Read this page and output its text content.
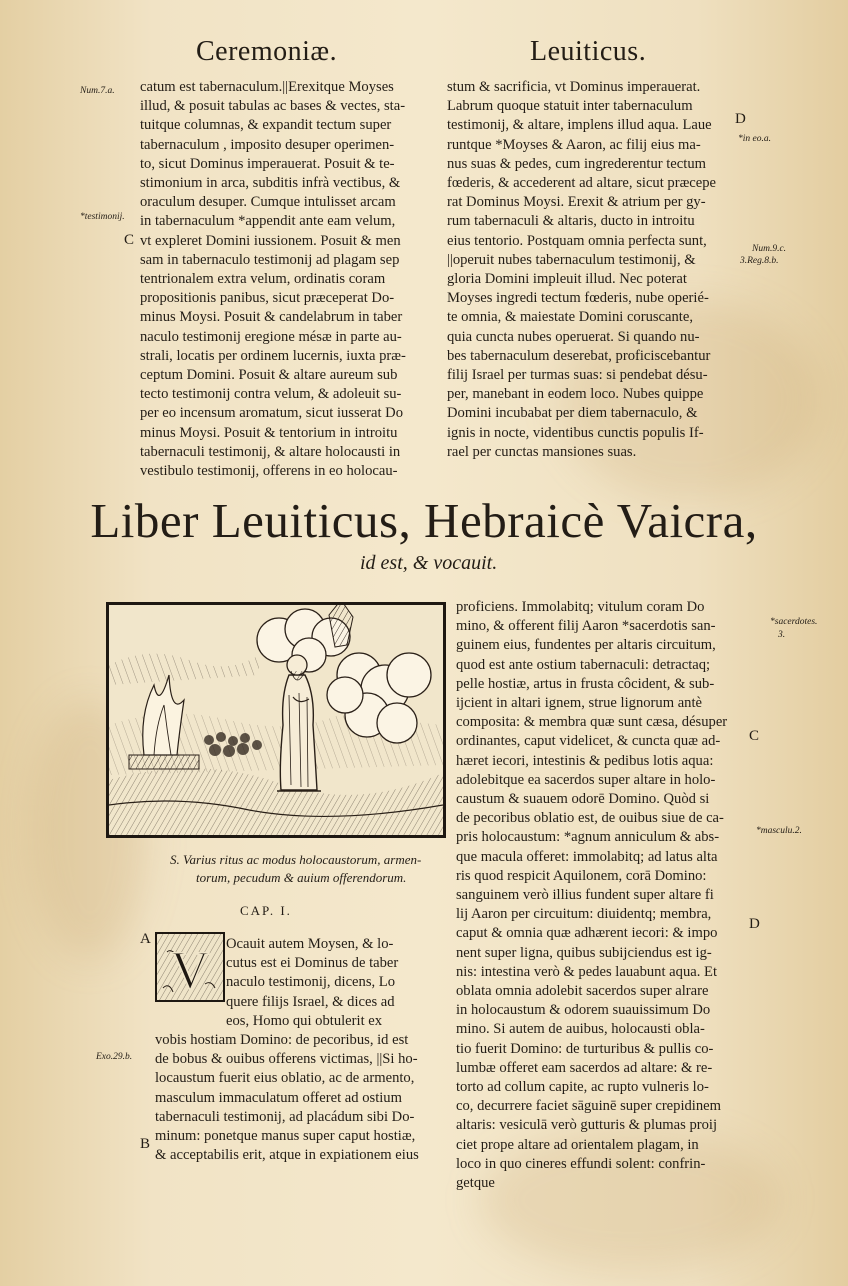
Ceremoniæ.	Leuiticus.
catum est tabernaculum.||Erexitque Moyses
illud, & posuit tabulas ac bases & vectes, sta-
tuitque columnas, & expandit tectum super
tabernaculum , imposito desuper operimen-
to, sicut Dominus imperauerat. Posuit & te-
stimonium in arca, subditis infrà vectibus, &
oraculum desuper. Cumque intulisset arcam
in tabernaculum *appendit ante eam velum,
vt expleret Domini iussionem. Posuit & men
sam in tabernaculo testimonij ad plagam sep
tentrionalem extra velum, ordinatis coram
propositionis panibus, sicut præceperat Do-
minus Moysi. Posuit & candelabrum in taber
naculo testimonij eregione mésæ in parte au-
strali, locatis per ordinem lucernis, iuxta præ-
ceptum Domini. Posuit & altare aureum sub
tecto testimonij contra velum, & adoleuit su-
per eo incensum aromatum, sicut iusserat Do
minus Moysi. Posuit & tentorium in introitu
tabernaculi testimonij, & altare holocausti in
vestibulo testimonij, offerens in eo holocau-
stum & sacrificia, vt Dominus imperauerat.
Labrum quoque statuit inter tabernaculum
testimonij, & altare, implens illud aqua. Laue
runtque *Moyses & Aaron, ac filij eius ma-
nus suas & pedes, cum ingrederentur tectum
fœderis, & accederent ad altare, sicut præcepe
rat Dominus Moysi. Erexit & atrium per gy-
rum tabernaculi & altaris, ducto in introitu
eius tentorio. Postquam omnia perfecta sunt,
||operuit nubes tabernaculum testimonij, &
gloria Domini impleuit illud. Nec poterat
Moyses ingredi tectum fœderis, nube operié-
te omnia, & maiestate Domini coruscante,
quia cuncta nubes operuerat. Si quando nu-
bes tabernaculum deserebat, proficiscebantur
filij Israel per turmas suas: si pendebat désu-
per, manebant in eodem loco. Nubes quippe
Domini incubabat per diem tabernaculo, &
ignis in nocte, videntibus cunctis populis If-
rael per cunctas mansiones suas.
Num.7.a.
*testimonij.
C
*in eo.a.
D
Num.9.c.
3.Reg.8.b.
Liber Leuiticus, Hebraicè Vaicra,
id est, & vocauit.
S. Varius ritus ac modus holocaustorum, armen-
torum, pecudum & auium offerendorum.
CAP. I.
V Ocauit autem Moysen, & lo-
cutus est ei Dominus de taber
naculo testimonij, dicens, Lo
quere filijs Israel, & dices ad
eos, Homo qui obtulerit ex
vobis hostiam Domino: de pecoribus, id est
de bobus & ouibus offerens victimas, ||Si ho-
locaustum fuerit eius oblatio, ac de armento,
masculum immaculatum offeret ad ostium
tabernaculi testimonij, ad placádum sibi Do-
minum: ponetque manus super caput hostiæ,
& acceptabilis erit, atque in expiationem eius
proficiens. Immolabitq; vitulum coram Do
mino, & offerent filij Aaron *sacerdotis san-
guinem eius, fundentes per altaris circuitum,
quod est ante ostium tabernaculi: detractaq;
pelle hostiæ, artus in frusta côcident, & sub-
ijcient in altari ignem, strue lignorum antè
composita: & membra quæ sunt cæsa, désuper
ordinantes, caput videlicet, & cuncta quæ ad-
hæret iecori, intestinis & pedibus lotis aqua:
adolebitque ea sacerdos super altare in holo-
caustum & suauem odorē Domino. Quòd si
de pecoribus oblatio est, de ouibus siue de ca-
pris holocaustum: *agnum anniculum & abs-
que macula offeret: immolabitq; ad latus alta
ris quod respicit Aquilonem, corā Domino:
sanguinem verò illius fundent super altare fi
lij Aaron per circuitum: diuidentq; membra,
caput & omnia quæ adhærent iecori: & impo
nent super ligna, quibus subijciendus est ig-
nis: intestina verò & pedes lauabunt aqua. Et
oblata omnia adolebit sacerdos super alrare
in holocaustum & odorem suauissimum Do
mino. Si autem de auibus, holocausti obla-
tio fuerit Domino: de turturibus & pullis co-
lumbæ offeret eam sacerdos ad altare: & re-
torto ad collum capite, ac rupto vulneris lo-
co, decurrere faciet sāguinē super crepidinem
altaris: vesiculā verò gutturis & plumas proij
ciet prope altare ad orientalem plagam, in
loco in quo cineres effundi solent: confrin-
getque
A
Exo.29.b.
B
*sacerdotes.
3.
C
*masculu.2.
D
